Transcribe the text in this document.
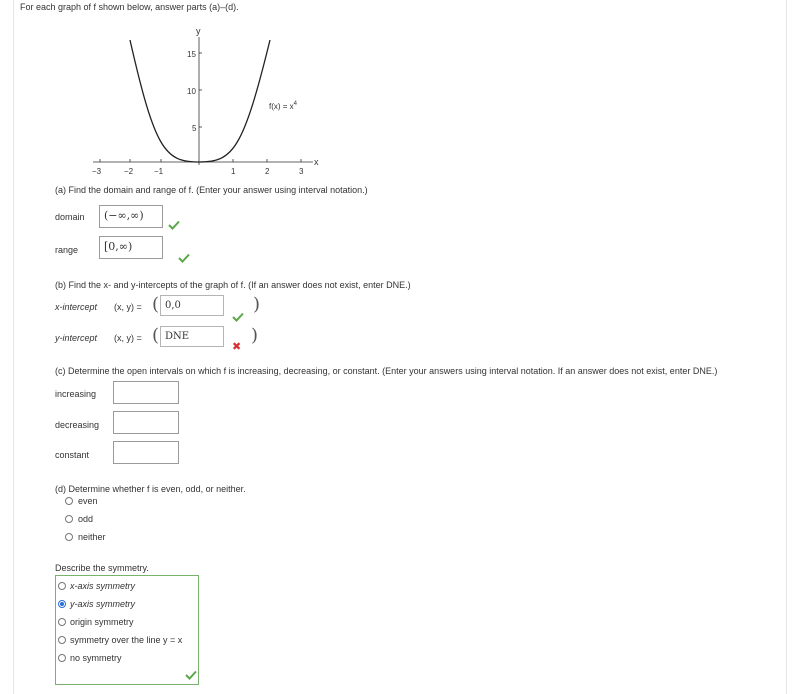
For each graph of f shown below, answer parts (a)–(d).
y
15
10
5
x
−3	−2	−1	1	2	3
$f(x) = x^4$
(a) Find the domain and range of f. (Enter your answer using interval notation.)
domain	(−∞,∞)
range	[0,∞)
(b) Find the x- and y-intercepts of the graph of f. (If an answer does not exist, enter DNE.)
x-intercept (x, y) = ( 0,0	)
y-intercept (x, y) = ( DNE	)
✖
(c) Determine the open intervals on which f is increasing, decreasing, or constant. (Enter your answers using interval notation. If an answer does not exist, enter DNE.)
increasing
decreasing
constant
(d) Determine whether f is even, odd, or neither.
even
odd
neither
Describe the symmetry.
x-axis symmetry
y-axis symmetry
origin symmetry
symmetry over the line y = x
no symmetry
